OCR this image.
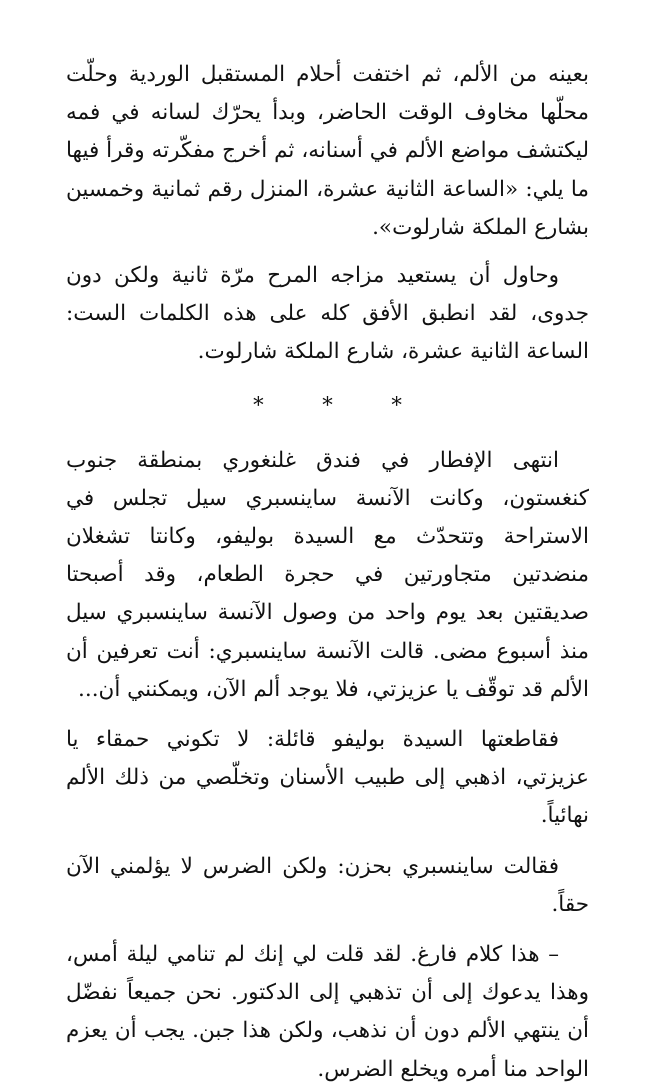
بعينه من الألم، ثم اختفت أحلام المستقبل الوردية وحلّت محلّها مخاوف الوقت الحاضر، وبدأ يحرّك لسانه في فمه ليكتشف مواضع الألم في أسنانه، ثم أخرج مفكّرته وقرأ فيها ما يلي: «الساعة الثانية عشرة، المنزل رقم ثمانية وخمسين بشارع الملكة شارلوت».

وحاول أن يستعيد مزاجه المرح مرّة ثانية ولكن دون جدوى، لقد انطبق الأفق كله على هذه الكلمات الست: الساعة الثانية عشرة، شارع الملكة شارلوت.

* * *

انتهى الإفطار في فندق غلنغوري بمنطقة جنوب كنغستون، وكانت الآنسة ساينسبري سيل تجلس في الاستراحة وتتحدّث مع السيدة بوليفو، وكانتا تشغلان منضدتين متجاورتين في حجرة الطعام، وقد أصبحتا صديقتين بعد يوم واحد من وصول الآنسة ساينسبري سيل منذ أسبوع مضى. قالت الآنسة ساينسبري: أنت تعرفين أن الألم قد توقّف يا عزيزتي، فلا يوجد ألم الآن، ويمكنني أن...

فقاطعتها السيدة بوليفو قائلة: لا تكوني حمقاء يا عزيزتي، اذهبي إلى طبيب الأسنان وتخلّصي من ذلك الألم نهائياً.

فقالت ساينسبري بحزن: ولكن الضرس لا يؤلمني الآن حقاً.

– هذا كلام فارغ. لقد قلت لي إنك لم تنامي ليلة أمس، وهذا يدعوك إلى أن تذهبي إلى الدكتور. نحن جميعاً نفضّل أن ينتهي الألم دون أن نذهب، ولكن هذا جبن. يجب أن يعزم الواحد منا أمره ويخلع الضرس.
